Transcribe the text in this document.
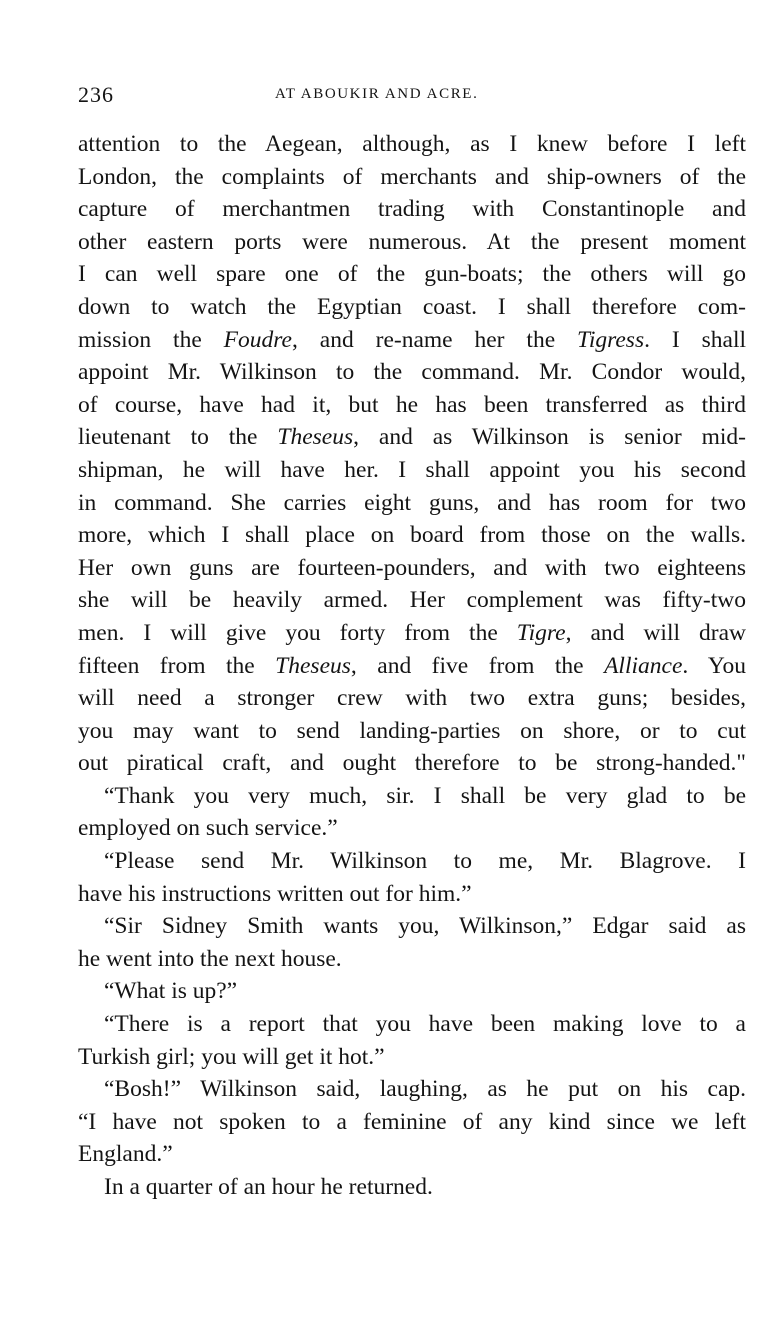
236	AT ABOUKIR AND ACRE.
attention to the Aegean, although, as I knew before I left
London, the complaints of merchants and ship-owners of the
capture of merchantmen trading with Constantinople and
other eastern ports were numerous. At the present moment
I can well spare one of the gun-boats; the others will go
down to watch the Egyptian coast. I shall therefore com-
mission the Foudre, and re-name her the Tigress. I shall
appoint Mr. Wilkinson to the command. Mr. Condor would,
of course, have had it, but he has been transferred as third
lieutenant to the Theseus, and as Wilkinson is senior mid-
shipman, he will have her. I shall appoint you his second
in command. She carries eight guns, and has room for two
more, which I shall place on board from those on the walls.
Her own guns are fourteen-pounders, and with two eighteens
she will be heavily armed. Her complement was fifty-two
men. I will give you forty from the Tigre, and will draw
fifteen from the Theseus, and five from the Alliance. You
will need a stronger crew with two extra guns; besides,
you may want to send landing-parties on shore, or to cut
out piratical craft, and ought therefore to be strong-handed."
“Thank you very much, sir. I shall be very glad to be
employed on such service.”
“Please send Mr. Wilkinson to me, Mr. Blagrove. I
have his instructions written out for him.”
“Sir Sidney Smith wants you, Wilkinson,” Edgar said as
he went into the next house.
“What is up?”
“There is a report that you have been making love to a
Turkish girl; you will get it hot.”
“Bosh!” Wilkinson said, laughing, as he put on his cap.
“I have not spoken to a feminine of any kind since we left
England.”
In a quarter of an hour he returned.
